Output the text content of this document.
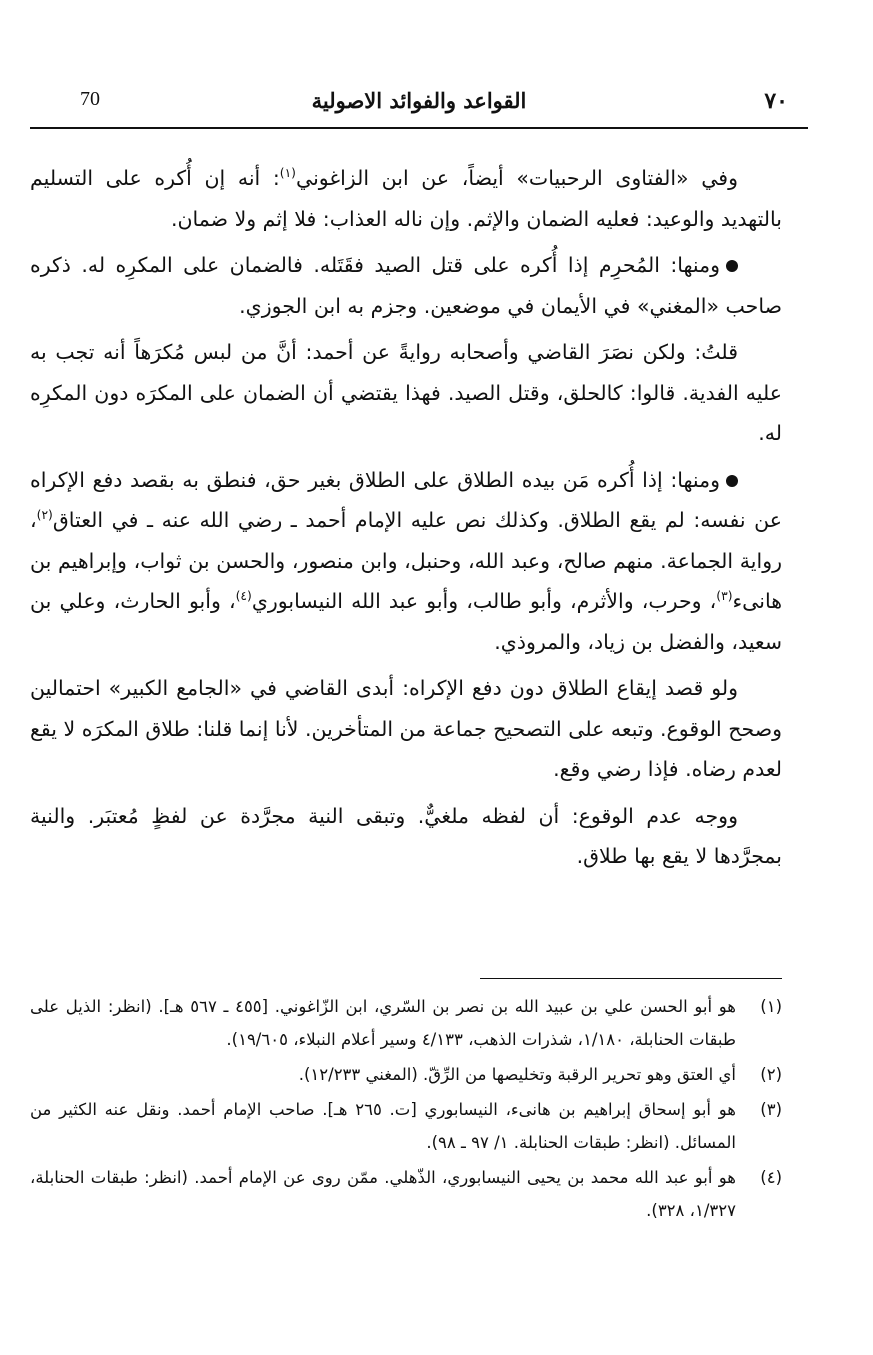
70	القواعد والفوائد الاصولية	٧٠

وفي «الفتاوى الرحبيات» أيضاً، عن ابن الزاغوني$^{(١)}$: أنه إن أُكره على التسليم بالتهديد والوعيد: فعليه الضمان والإثم. وإن ناله العذاب: فلا إثم ولا ضمان.

ومنها: المُحرِم إذا أُكره على قتل الصيد فقَتَله. فالضمان على المكرِه له. ذكره صاحب «المغني» في الأيمان في موضعين. وجزم به ابن الجوزي.

قلتُ: ولكن نصَرَ القاضي وأصحابه روايةً عن أحمد: أنَّ من لبس مُكرَهاً أنه تجب به عليه الفدية. قالوا: كالحلق، وقتل الصيد. فهذا يقتضي أن الضمان على المكرَه دون المكرِه له.

ومنها: إذا أُكره مَن بيده الطلاق على الطلاق بغير حق، فنطق به بقصد دفع الإكراه عن نفسه: لم يقع الطلاق. وكذلك نص عليه الإمام أحمد ـ رضي الله عنه ـ في العتاق$^{(٢)}$، رواية الجماعة. منهم صالح، وعبد الله، وحنبل، وابن منصور، والحسن بن ثواب، وإبراهيم بن هانىء$^{(٣)}$، وحرب، والأثرم، وأبو طالب، وأبو عبد الله النيسابوري$^{(٤)}$، وأبو الحارث، وعلي بن سعيد، والفضل بن زياد، والمروذي.

ولو قصد إيقاع الطلاق دون دفع الإكراه: أبدى القاضي في «الجامع الكبير» احتمالين وصحح الوقوع. وتبعه على التصحيح جماعة من المتأخرين. لأنا إنما قلنا: طلاق المكرَه لا يقع لعدم رضاه. فإذا رضي وقع.

ووجه عدم الوقوع: أن لفظه ملغيٌّ. وتبقى النية مجرَّدة عن لفظٍ مُعتبَر. والنية بمجرَّدها لا يقع بها طلاق.

(١)
هو أبو الحسن علي بن عبيد الله بن نصر بن السّري، ابن الزّاغوني. [٤٥٥ ـ ٥٦٧ هـ]. (انظر: الذيل على طبقات الحنابلة، ١/١٨٠، شذرات الذهب، ٤/١٣٣ وسير أعلام النبلاء، ١٩/٦٠٥).
(٢)
أي العتق وهو تحرير الرقبة وتخليصها من الرِّقّ. (المغني ١٢/٢٣٣).
(٣)
هو أبو إسحاق إبراهيم بن هانىء، النيسابوري [ت. ٢٦٥ هـ]. صاحب الإمام أحمد. ونقل عنه الكثير من المسائل. (انظر: طبقات الحنابلة. ١/ ٩٧ ـ ٩٨).
(٤)
هو أبو عبد الله محمد بن يحيى النيسابوري، الذّهلي. ممّن روى عن الإمام أحمد. (انظر: طبقات الحنابلة، ١/٣٢٧، ٣٢٨).
